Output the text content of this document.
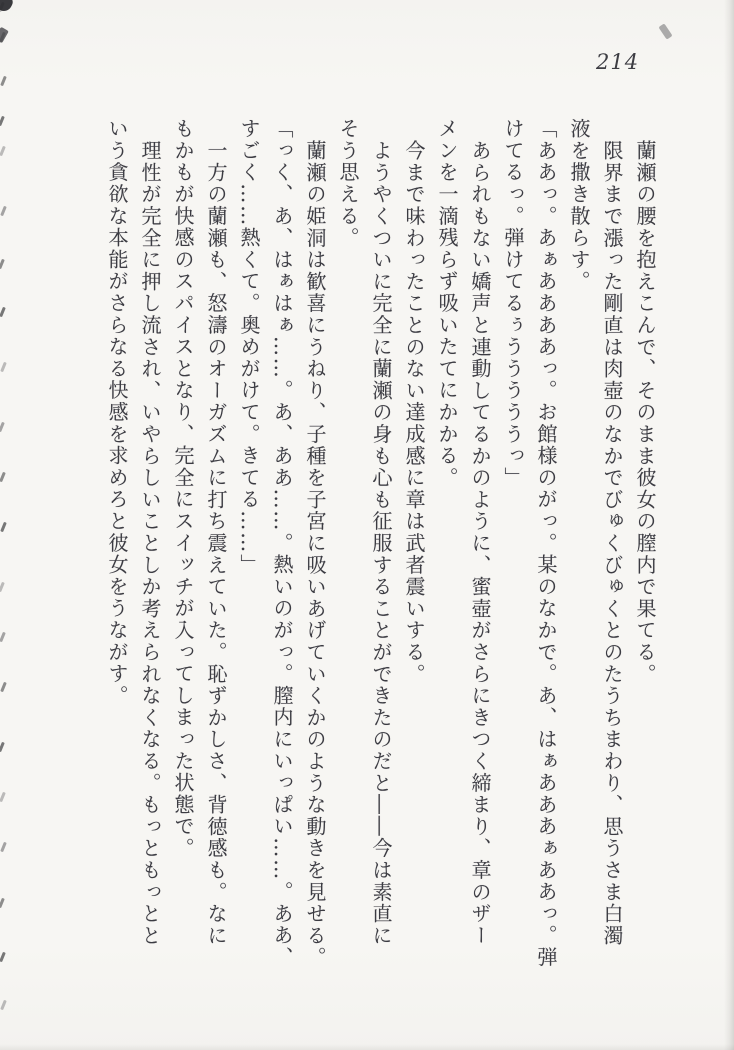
214
蘭瀬の腰を抱えこんで、そのまま彼女の膣内で果てる。
限界まで漲った剛直は肉壺のなかでびゅくびゅくとのたうちまわり、思うさま白濁
液を撒き散らす。
「ああっ。あぁああああっ。お館様のがっ。某のなかで。あ、はぁあああぁああっ。弾
けてるっ。弾けてるぅうううううっ」
あられもない嬌声と連動してるかのように、蜜壺がさらにきつく締まり、章のザー
メンを一滴残らず吸いたてにかかる。
今まで味わったことのない達成感に章は武者震いする。
ようやくついに完全に蘭瀬の身も心も征服することができたのだと――今は素直に
そう思える。
蘭瀬の姫洞は歓喜にうねり、子種を子宮に吸いあげていくかのような動きを見せる。
「っく、あ、はぁはぁ……。あ、ああ……。熱いのがっ。膣内にいっぱい……。ああ、
すごく……熱くて。奥めがけて。きてる……」
一方の蘭瀬も、怒濤のオーガズムに打ち震えていた。恥ずかしさ、背徳感も。なに
もかもが快感のスパイスとなり、完全にスイッチが入ってしまった状態で。
理性が完全に押し流され、いやらしいことしか考えられなくなる。もっともっとと
いう貪欲な本能がさらなる快感を求めろと彼女をうながす。
